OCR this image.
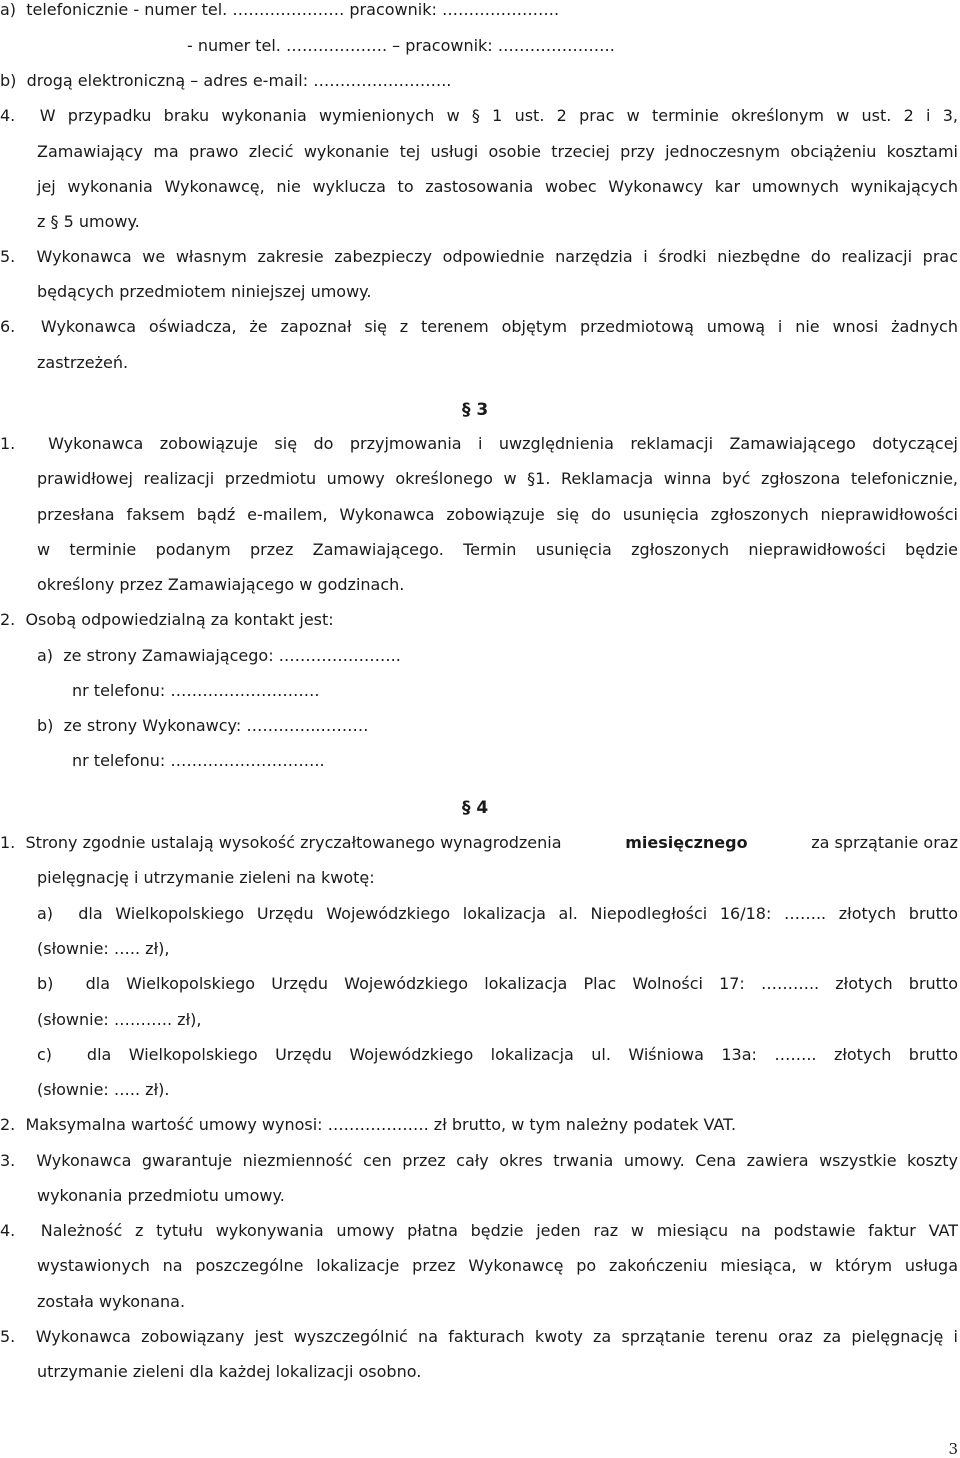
a)  telefonicznie - numer tel. ………………… pracownik: ………………….
- numer tel. ………………. – pracownik: ………………….
b)  drogą elektroniczną – adres e-mail: ……………………..
4.  W przypadku braku wykonania wymienionych w § 1 ust. 2 prac w terminie określonym w ust. 2 i 3,
Zamawiający ma prawo zlecić wykonanie tej usługi osobie trzeciej przy jednoczesnym obciążeniu kosztami
jej wykonania Wykonawcę, nie wyklucza to zastosowania wobec Wykonawcy kar umownych wynikających
z § 5 umowy.
5.  Wykonawca we własnym zakresie zabezpieczy odpowiednie narzędzia i środki niezbędne do realizacji prac
będących przedmiotem niniejszej umowy.
6.  Wykonawca oświadcza, że zapoznał się z terenem objętym przedmiotową umową i nie wnosi żadnych
zastrzeżeń.
§ 3
1.  Wykonawca zobowiązuje się do przyjmowania i uwzględnienia reklamacji Zamawiającego dotyczącej
prawidłowej realizacji przedmiotu umowy określonego w §1. Reklamacja winna być zgłoszona telefonicznie,
przesłana faksem bądź e-mailem, Wykonawca zobowiązuje się do usunięcia zgłoszonych nieprawidłowości
w terminie podanym przez Zamawiającego. Termin usunięcia zgłoszonych nieprawidłowości będzie
określony przez Zamawiającego w godzinach.
2.  Osobą odpowiedzialną za kontakt jest:
a)  ze strony Zamawiającego: …………………..
nr telefonu: ……………………….
b)  ze strony Wykonawcy: …………..………
nr telefonu: ………………………..
§ 4
1.  Strony zgodnie ustalają wysokość zryczałtowanego wynagrodzenia	miesięcznego	za sprzątanie oraz
pielęgnację i utrzymanie zieleni na kwotę:
a)  dla Wielkopolskiego Urzędu Wojewódzkiego lokalizacja al. Niepodległości 16/18: …….. złotych brutto
(słownie: ….. zł),
b)  dla Wielkopolskiego Urzędu Wojewódzkiego lokalizacja Plac Wolności 17: ……….. złotych brutto
(słownie: ……….. zł),
c)  dla Wielkopolskiego Urzędu Wojewódzkiego lokalizacja ul. Wiśniowa 13a: …….. złotych brutto
(słownie: ….. zł).
2.  Maksymalna wartość umowy wynosi: ………………. zł brutto, w tym należny podatek VAT.
3.  Wykonawca gwarantuje niezmienność cen przez cały okres trwania umowy. Cena zawiera wszystkie koszty
wykonania przedmiotu umowy.
4.  Należność z tytułu wykonywania umowy płatna będzie jeden raz w miesiącu na podstawie faktur VAT
wystawionych na poszczególne lokalizacje przez Wykonawcę po zakończeniu miesiąca, w którym usługa
została wykonana.
5.  Wykonawca zobowiązany jest wyszczególnić na fakturach kwoty za sprzątanie terenu oraz za pielęgnację i
utrzymanie zieleni dla każdej lokalizacji osobno.
3
